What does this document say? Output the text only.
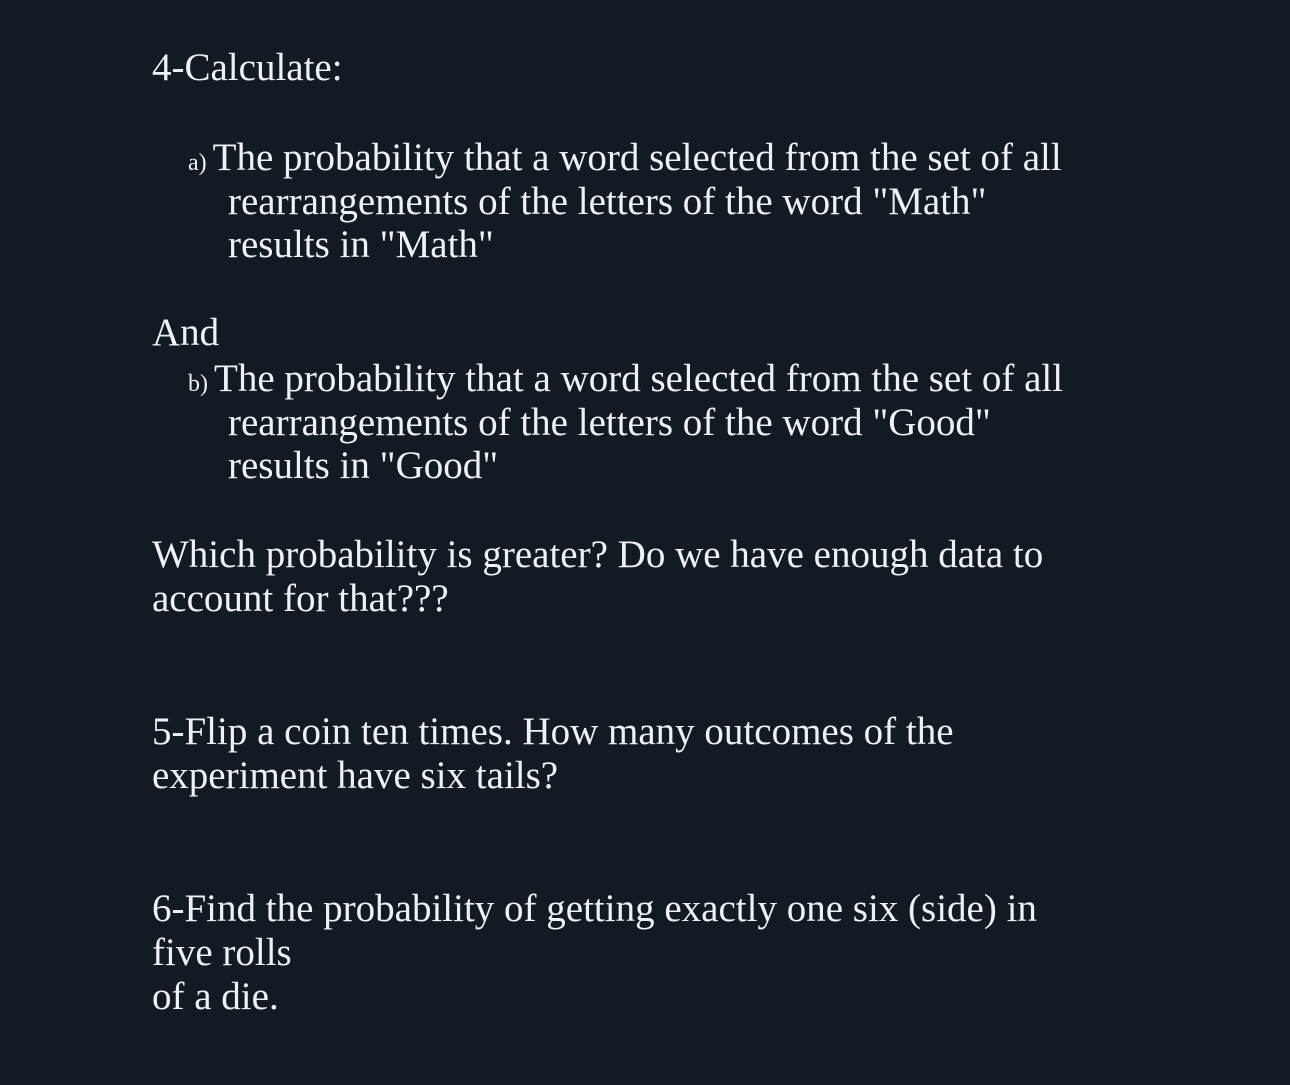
4-Calculate:
a) The probability that a word selected from the set of all
rearrangements of the letters of the word "Math"
results in "Math"
And
b) The probability that a word selected from the set of all
rearrangements of the letters of the word "Good"
results in "Good"
Which probability is greater? Do we have enough data to
account for that???
5-Flip a coin ten times. How many outcomes of the
experiment have six tails?
6-Find the probability of getting exactly one six (side) in
five rolls
of a die.
